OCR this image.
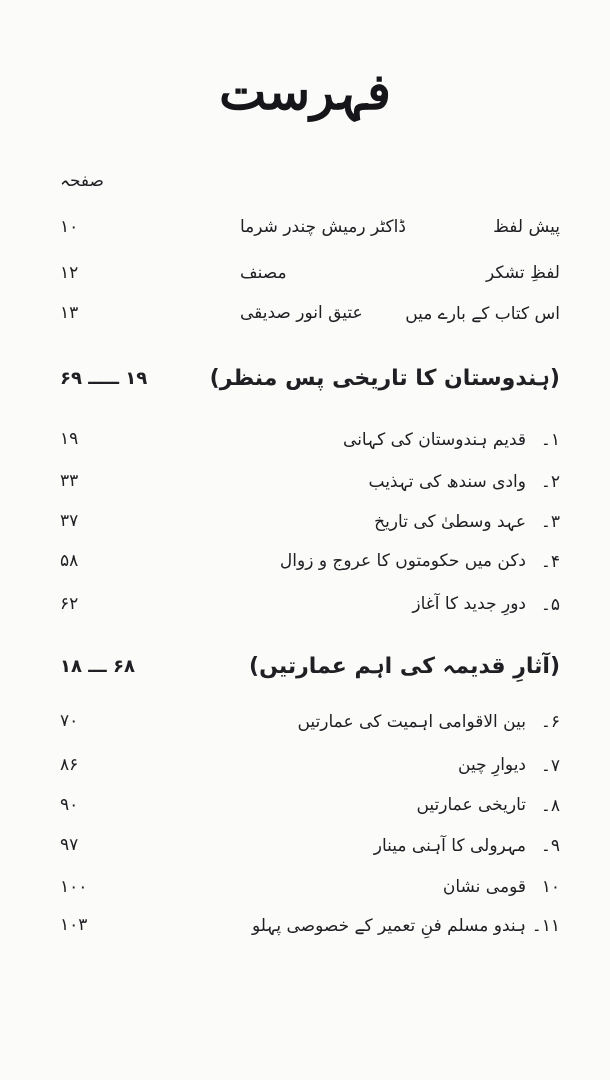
فہرست
صفحہ
پیش لفظ
ڈاکٹر رمیش چندر شرما
۱۰
لفظِ تشکر
مصنف
۱۲
اس کتاب کے بارے میں
عتیق انور صدیقی
۱۳
(ہندوستان کا تاریخی پس منظر)
۱۹ ـــــ ۶۹
۱۔
قدیم ہندوستان کی کہانی
۱۹
۲۔
وادی سندھ کی تہذیب
۳۳
۳۔
عہد وسطیٰ کی تاریخ
۳۷
۴۔
دکن میں حکومتوں کا عروج و زوال
۵۸
۵۔
دورِ جدید کا آغاز
۶۲
(آثارِ قدیمہ کی اہم عمارتیں)
۶۸ ـــ ۱۸
۶۔
بین الاقوامی اہمیت کی عمارتیں
۷۰
۷۔
دیوارِ چین
۸۶
۸۔
تاریخی عمارتیں
۹۰
۹۔
مہرولی کا آہنی مینار
۹۷
۱۰
قومی نشان
۱۰۰
۱۱۔
ہندو مسلم فنِ تعمیر کے خصوصی پہلو
۱۰۳
